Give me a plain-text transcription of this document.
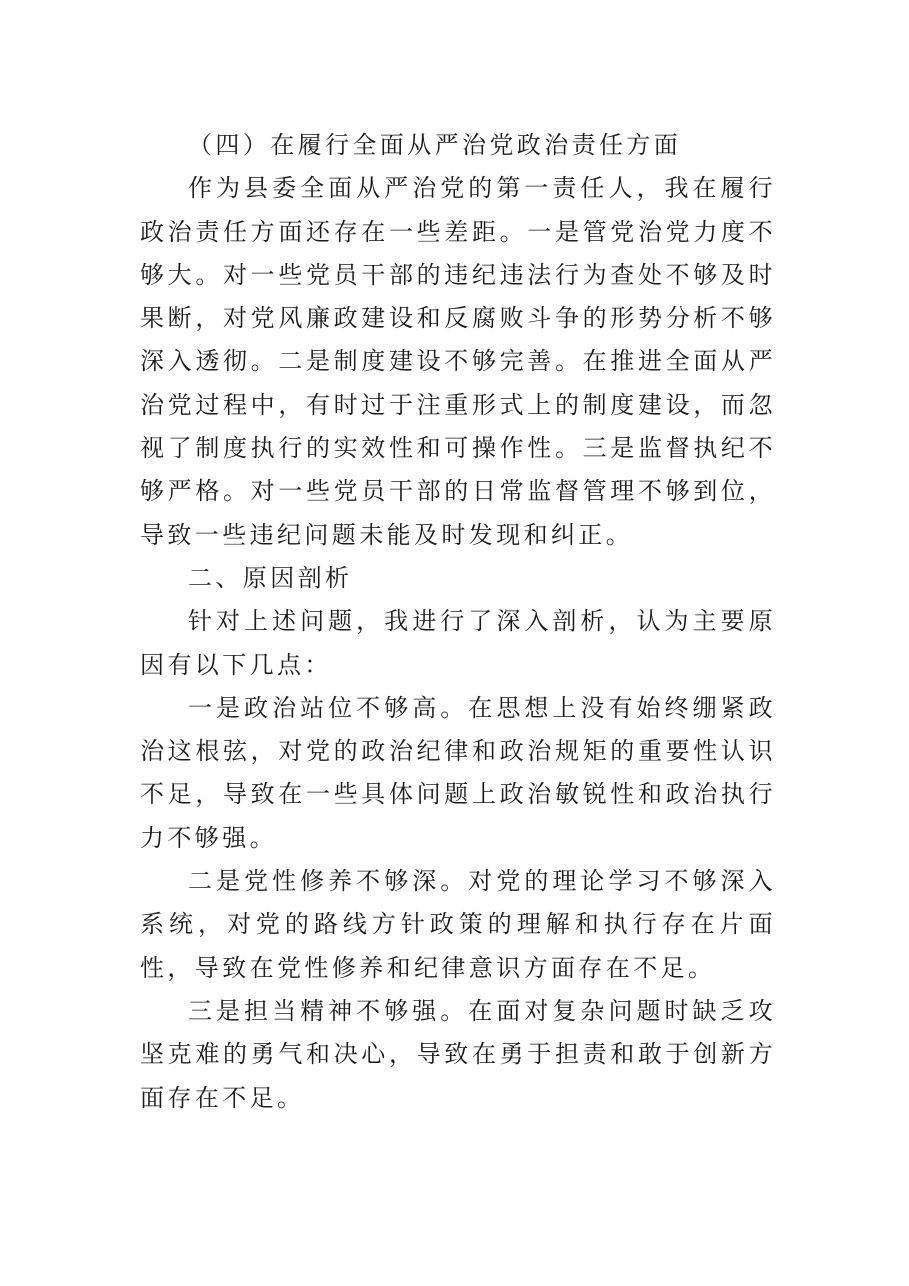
（四）在履行全面从严治党政治责任方面

作为县委全面从严治党的第一责任人，我在履行政治责任方面还存在一些差距。一是管党治党力度不够大。对一些党员干部的违纪违法行为查处不够及时果断，对党风廉政建设和反腐败斗争的形势分析不够深入透彻。二是制度建设不够完善。在推进全面从严治党过程中，有时过于注重形式上的制度建设，而忽视了制度执行的实效性和可操作性。三是监督执纪不够严格。对一些党员干部的日常监督管理不够到位，导致一些违纪问题未能及时发现和纠正。

二、原因剖析

针对上述问题，我进行了深入剖析，认为主要原因有以下几点：

一是政治站位不够高。在思想上没有始终绷紧政治这根弦，对党的政治纪律和政治规矩的重要性认识不足，导致在一些具体问题上政治敏锐性和政治执行力不够强。

二是党性修养不够深。对党的理论学习不够深入系统，对党的路线方针政策的理解和执行存在片面性，导致在党性修养和纪律意识方面存在不足。

三是担当精神不够强。在面对复杂问题时缺乏攻坚克难的勇气和决心，导致在勇于担责和敢于创新方面存在不足。
